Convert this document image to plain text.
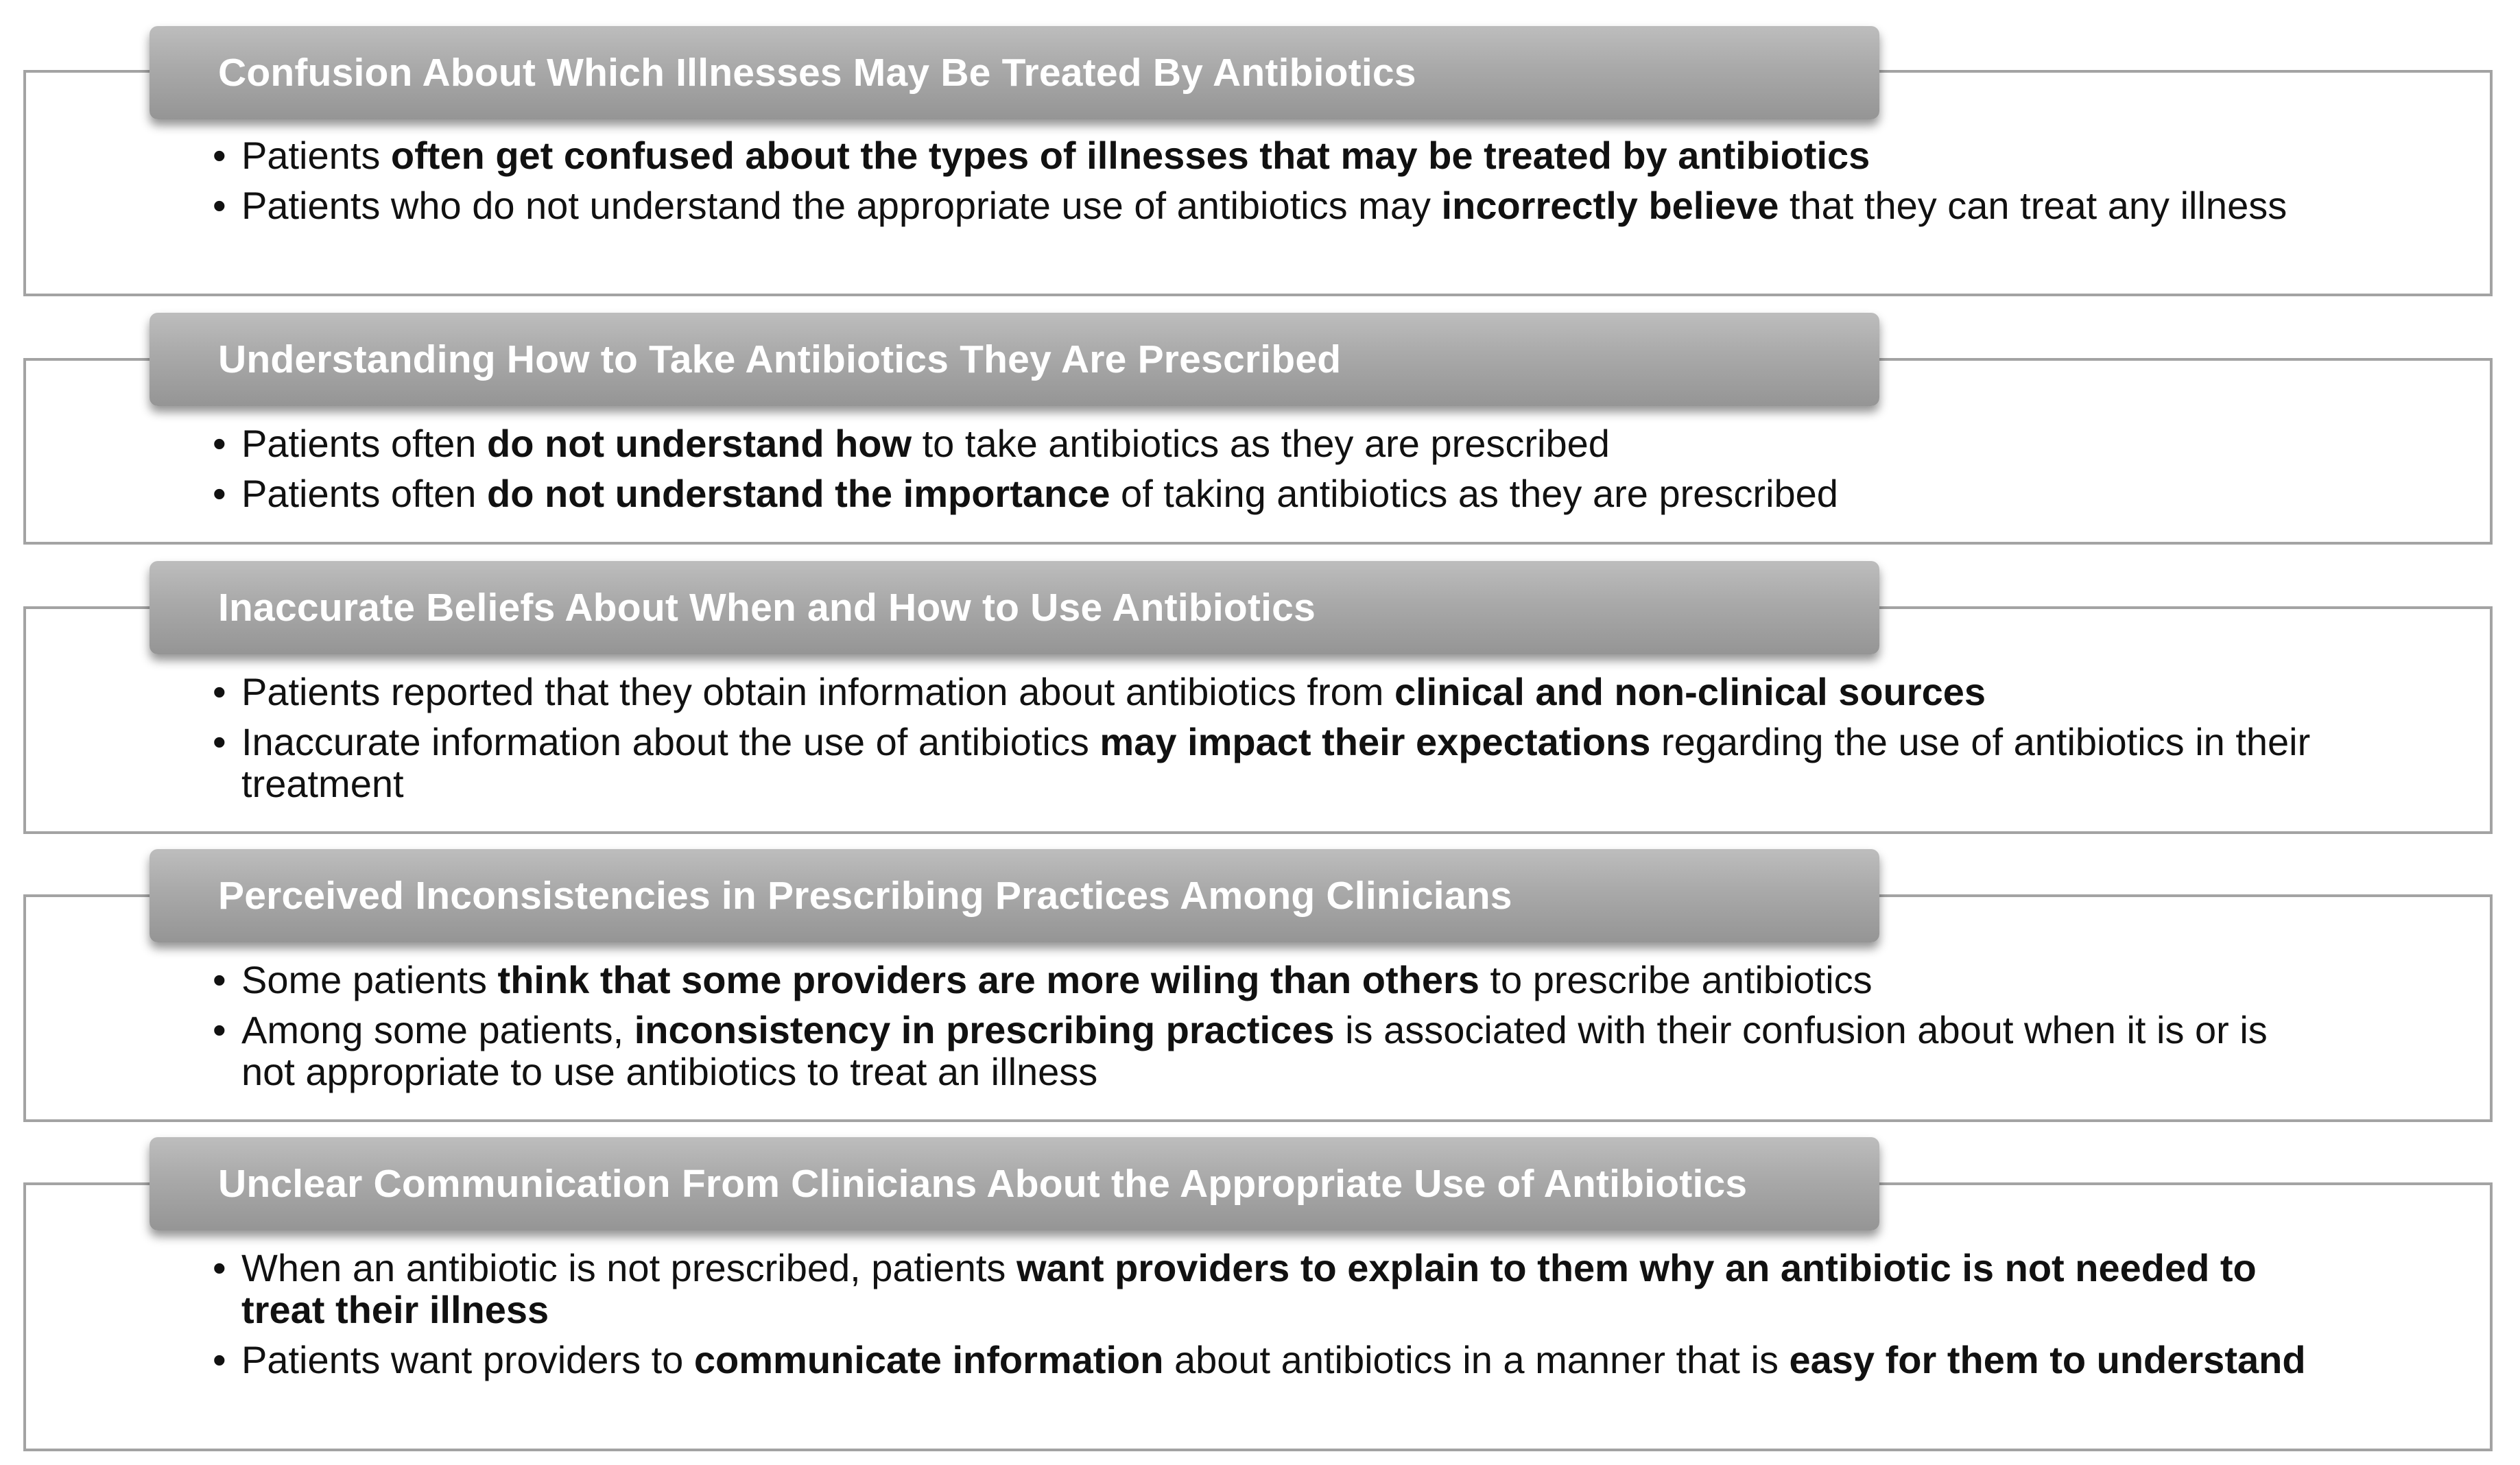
Confusion About Which Illnesses May Be Treated By Antibiotics
• Patients often get confused about the types of illnesses that may be treated by antibiotics
• Patients who do not understand the appropriate use of antibiotics may incorrectly believe that they can treat any illness
Understanding How to Take Antibiotics They Are Prescribed
• Patients often do not understand how to take antibiotics as they are prescribed
• Patients often do not understand the importance of taking antibiotics as they are prescribed
Inaccurate Beliefs About When and How to Use Antibiotics
• Patients reported that they obtain information about antibiotics from clinical and non-clinical sources
• Inaccurate information about the use of antibiotics may impact their expectations regarding the use of antibiotics in their treatment
Perceived Inconsistencies in Prescribing Practices Among Clinicians
• Some patients think that some providers are more wiling than others to prescribe antibiotics
• Among some patients, inconsistency in prescribing practices is associated with their confusion about when it is or is not appropriate to use antibiotics to treat an illness
Unclear Communication From Clinicians About the Appropriate Use of Antibiotics
• When an antibiotic is not prescribed, patients want providers to explain to them why an antibiotic is not needed to treat their illness
• Patients want providers to communicate information about antibiotics in a manner that is easy for them to understand
